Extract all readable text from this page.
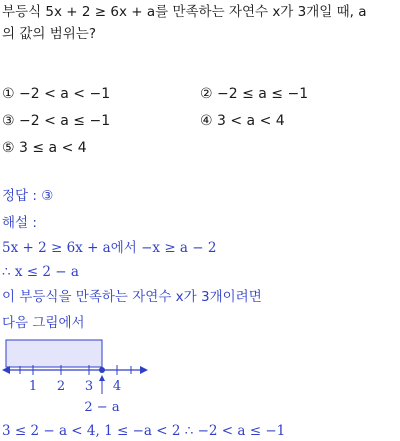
부등식 5x + 2 ≥ 6x + a를 만족하는 자연수 x가 3개일 때, a
의 값의 범위는?
① −2 < a < −1	② −2 ≤ a ≤ −1
③ −2 < a ≤ −1	④ 3 < a < 4
⑤ 3 ≤ a < 4
정답 : ③
해설 :
5x + 2 ≥ 6x + a에서 −x ≥ a − 2
∴ x ≤ 2 − a
이 부등식을 만족하는 자연수 x가 3개이려면
다음 그림에서
1 2 3 4
2 − a
3 ≤ 2 − a < 4, 1 ≤ −a < 2 ∴ −2 < a ≤ −1
